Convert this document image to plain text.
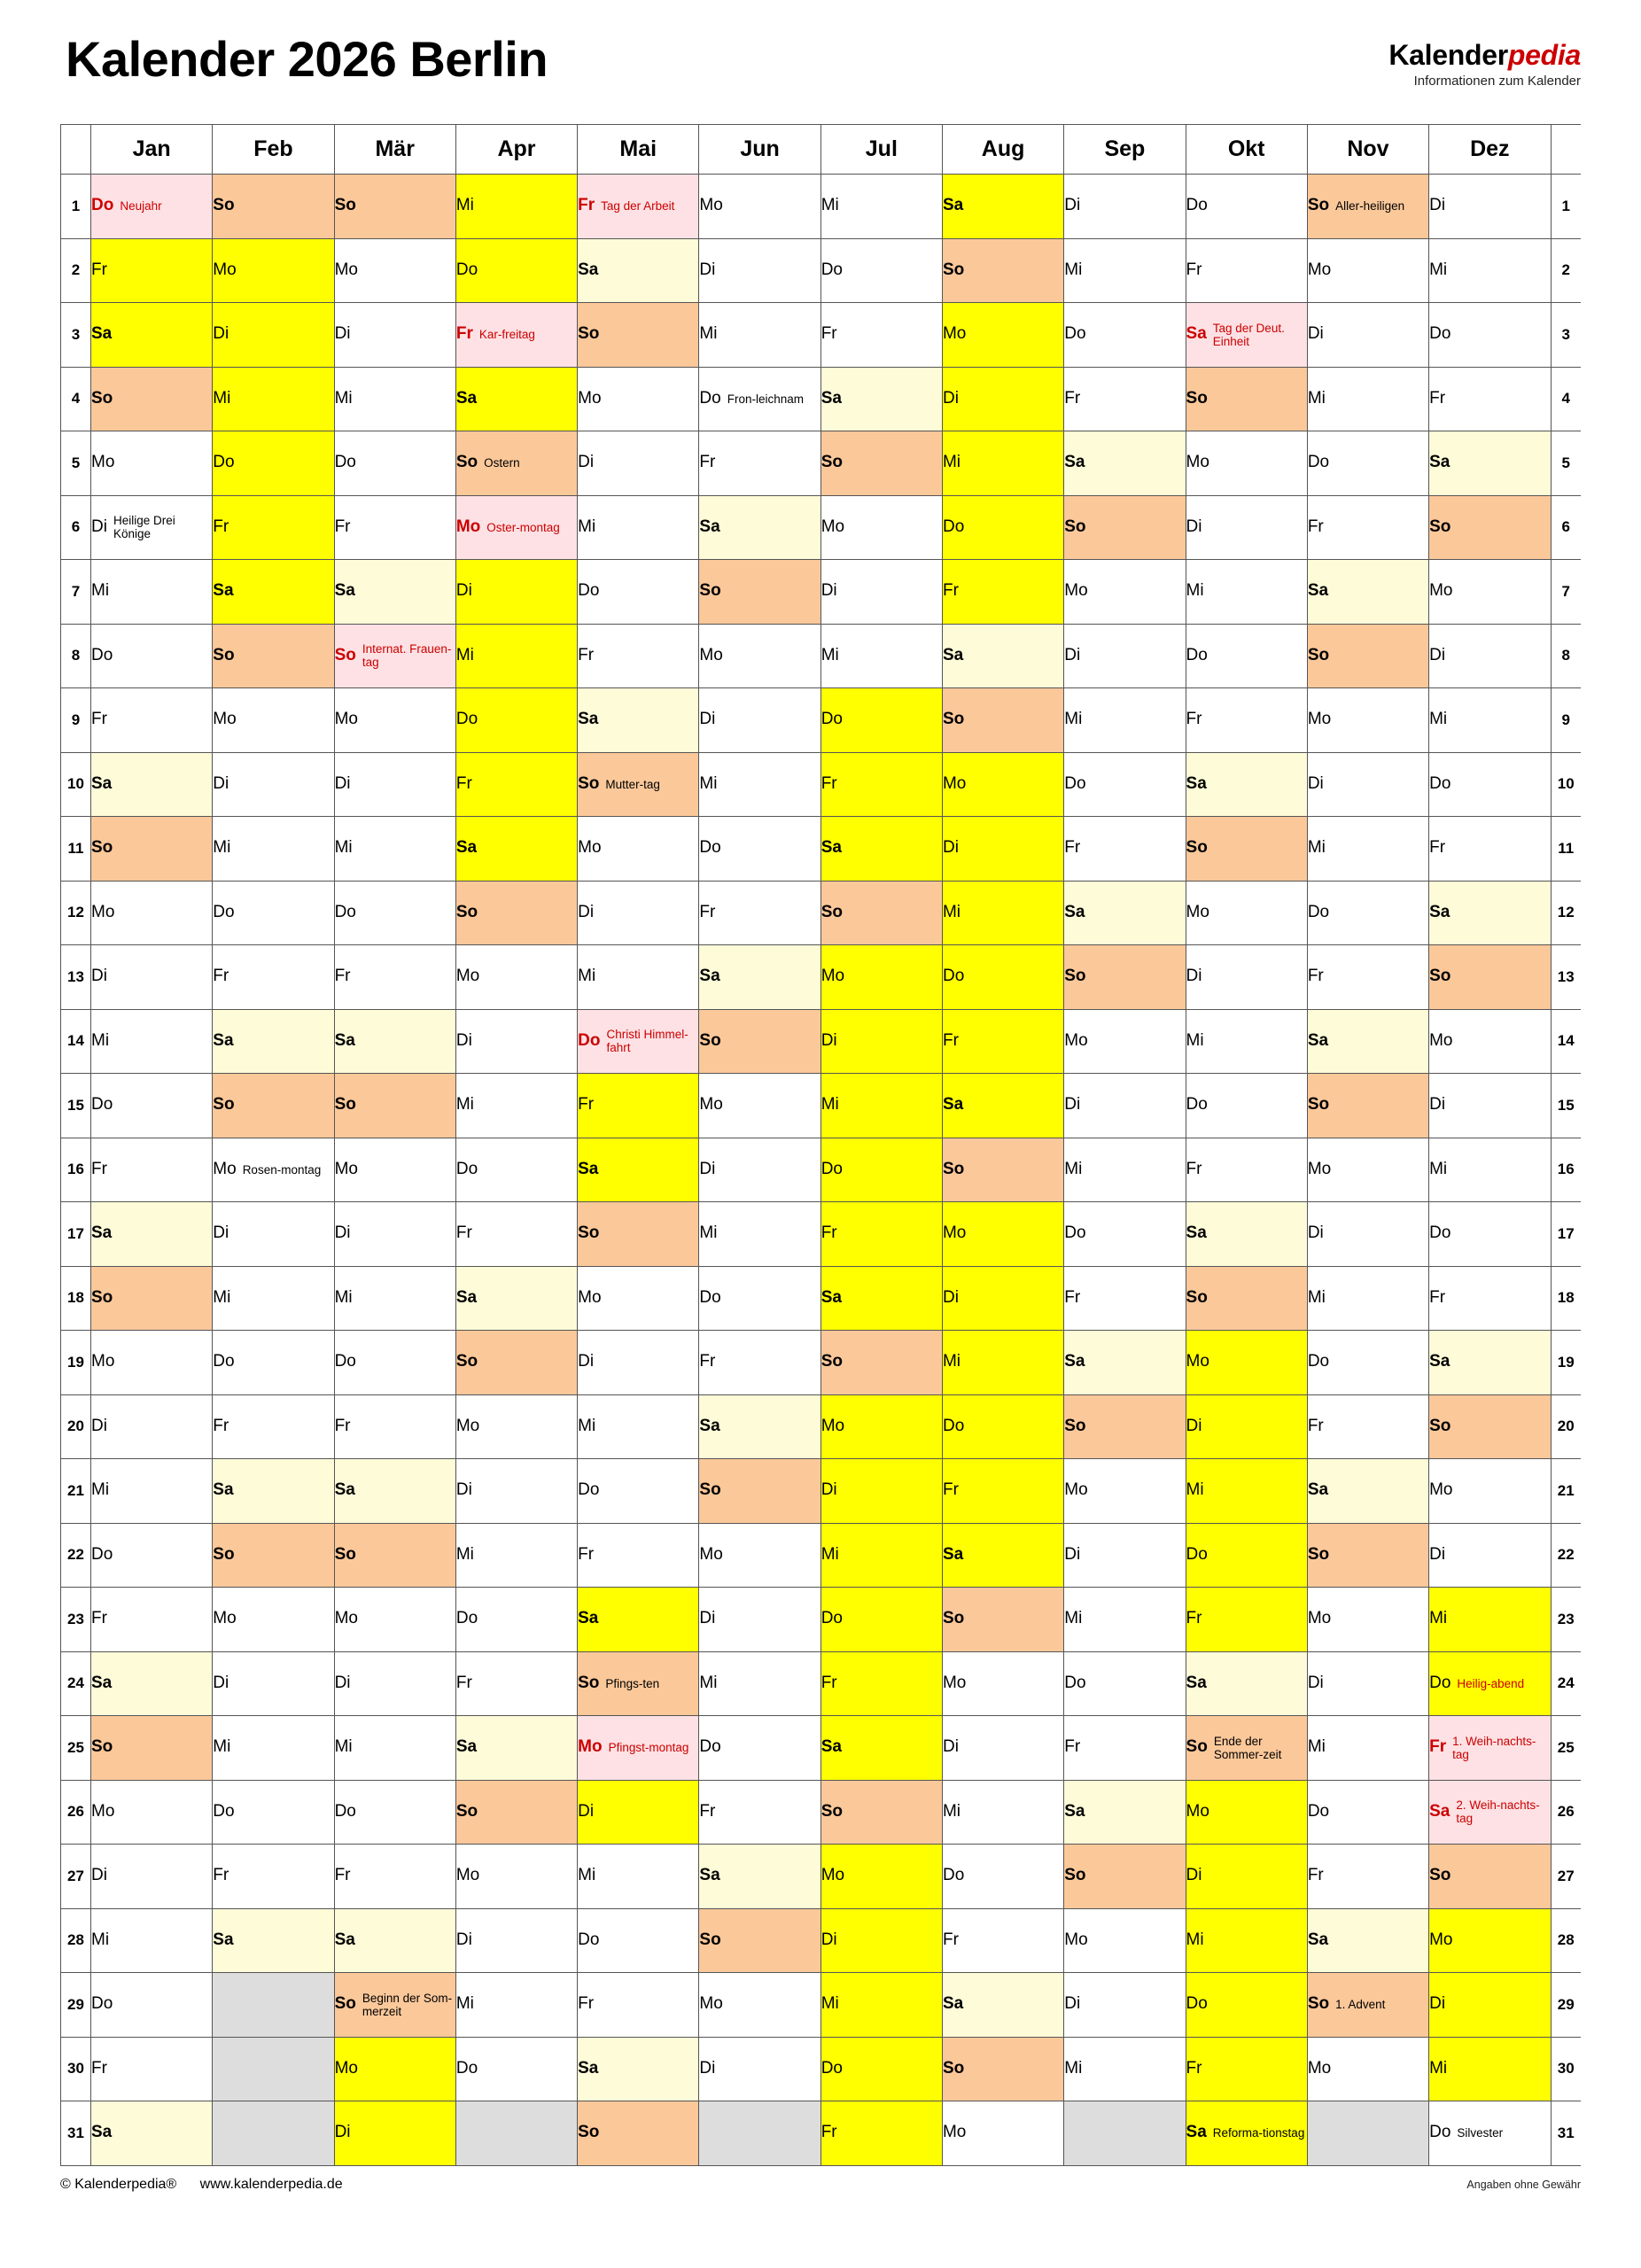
Kalender 2026 Berlin	Kalenderpedia
Informationen zum Kalender
	Jan	Feb	Mär	Apr	Mai	Jun	Jul	Aug	Sep	Okt	Nov	Dez	
1	Do Neujahr	So	So	Mi	Fr Tag der Arbeit	Mo	Mi	Sa	Di	Do	So Aller-heiligen	Di	1
2	Fr	Mo	Mo	Do	Sa	Di	Do	So	Mi	Fr	Mo	Mi	2
3	Sa	Di	Di	Fr Kar-freitag	So	Mi	Fr	Mo	Do	Sa Tag der Deut. Einheit	Di	Do	3
4	So	Mi	Mi	Sa	Mo	Do Fron-leichnam	Sa	Di	Fr	So	Mi	Fr	4
5	Mo	Do	Do	So Ostern	Di	Fr	So	Mi	Sa	Mo	Do	Sa	5
6	Di Heilige Drei Könige	Fr	Fr	Mo Oster-montag	Mi	Sa	Mo	Do	So	Di	Fr	So	6
7	Mi	Sa	Sa	Di	Do	So	Di	Fr	Mo	Mi	Sa	Mo	7
8	Do	So	So Internat. Frauen-tag	Mi	Fr	Mo	Mi	Sa	Di	Do	So	Di	8
9	Fr	Mo	Mo	Do	Sa	Di	Do	So	Mi	Fr	Mo	Mi	9
10	Sa	Di	Di	Fr	So Mutter-tag	Mi	Fr	Mo	Do	Sa	Di	Do	10
11	So	Mi	Mi	Sa	Mo	Do	Sa	Di	Fr	So	Mi	Fr	11
12	Mo	Do	Do	So	Di	Fr	So	Mi	Sa	Mo	Do	Sa	12
13	Di	Fr	Fr	Mo	Mi	Sa	Mo	Do	So	Di	Fr	So	13
14	Mi	Sa	Sa	Di	Do Christi Himmel-fahrt	So	Di	Fr	Mo	Mi	Sa	Mo	14
15	Do	So	So	Mi	Fr	Mo	Mi	Sa	Di	Do	So	Di	15
16	Fr	Mo Rosen-montag	Mo	Do	Sa	Di	Do	So	Mi	Fr	Mo	Mi	16
17	Sa	Di	Di	Fr	So	Mi	Fr	Mo	Do	Sa	Di	Do	17
18	So	Mi	Mi	Sa	Mo	Do	Sa	Di	Fr	So	Mi	Fr	18
19	Mo	Do	Do	So	Di	Fr	So	Mi	Sa	Mo	Do	Sa	19
20	Di	Fr	Fr	Mo	Mi	Sa	Mo	Do	So	Di	Fr	So	20
21	Mi	Sa	Sa	Di	Do	So	Di	Fr	Mo	Mi	Sa	Mo	21
22	Do	So	So	Mi	Fr	Mo	Mi	Sa	Di	Do	So	Di	22
23	Fr	Mo	Mo	Do	Sa	Di	Do	So	Mi	Fr	Mo	Mi	23
24	Sa	Di	Di	Fr	So Pfings-ten	Mi	Fr	Mo	Do	Sa	Di	Do Heilig-abend	24
25	So	Mi	Mi	Sa	Mo Pfingst-montag	Do	Sa	Di	Fr	So Ende der Sommer-zeit	Mi	Fr 1. Weih-nachts-tag	25
26	Mo	Do	Do	So	Di	Fr	So	Mi	Sa	Mo	Do	Sa 2. Weih-nachts-tag	26
27	Di	Fr	Fr	Mo	Mi	Sa	Mo	Do	So	Di	Fr	So	27
28	Mi	Sa	Sa	Di	Do	So	Di	Fr	Mo	Mi	Sa	Mo	28
29	Do		So Beginn der Som-merzeit	Mi	Fr	Mo	Mi	Sa	Di	Do	So 1. Advent	Di	29
30	Fr		Mo	Do	Sa	Di	Do	So	Mi	Fr	Mo	Mi	30
31	Sa		Di		So		Fr	Mo		Sa Reforma-tionstag		Do Silvester	31
© Kalenderpedia® www.kalenderpedia.de	Angaben ohne Gewähr
